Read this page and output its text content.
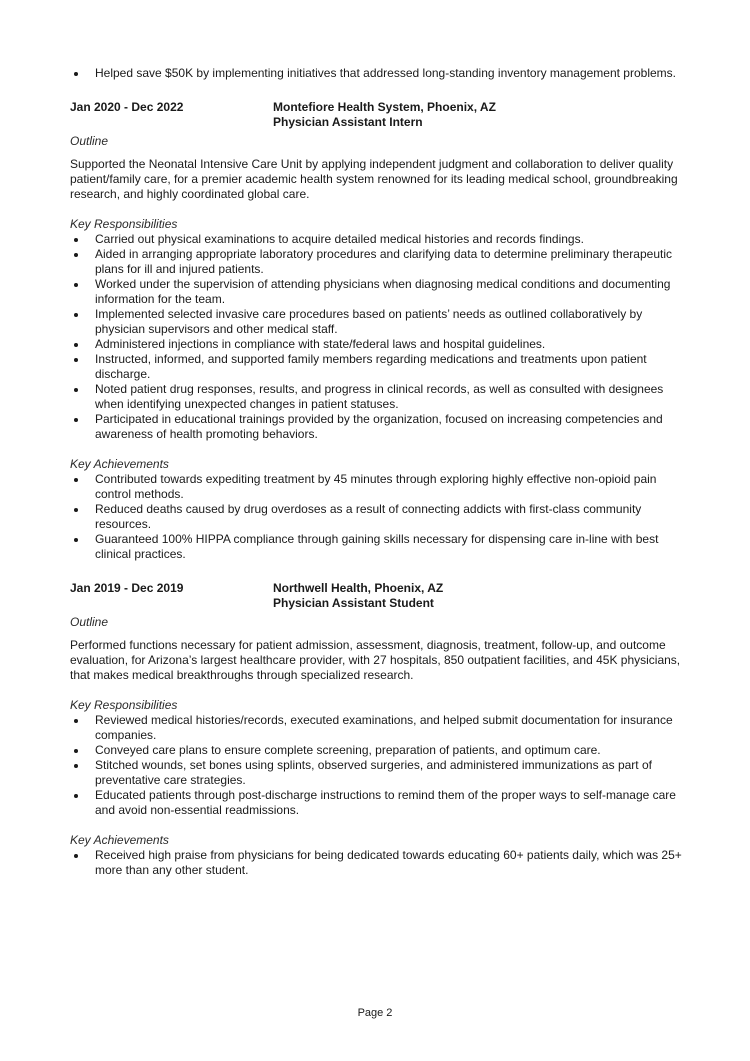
Helped save $50K by implementing initiatives that addressed long-standing inventory management problems.
Jan 2020 - Dec 2022	Montefiore Health System, Phoenix, AZ
Physician Assistant Intern
Outline
Supported the Neonatal Intensive Care Unit by applying independent judgment and collaboration to deliver quality patient/family care, for a premier academic health system renowned for its leading medical school, groundbreaking research, and highly coordinated global care.
Key Responsibilities
Carried out physical examinations to acquire detailed medical histories and records findings.
Aided in arranging appropriate laboratory procedures and clarifying data to determine preliminary therapeutic plans for ill and injured patients.
Worked under the supervision of attending physicians when diagnosing medical conditions and documenting information for the team.
Implemented selected invasive care procedures based on patients’ needs as outlined collaboratively by physician supervisors and other medical staff.
Administered injections in compliance with state/federal laws and hospital guidelines.
Instructed, informed, and supported family members regarding medications and treatments upon patient discharge.
Noted patient drug responses, results, and progress in clinical records, as well as consulted with designees when identifying unexpected changes in patient statuses.
Participated in educational trainings provided by the organization, focused on increasing competencies and awareness of health promoting behaviors.
Key Achievements
Contributed towards expediting treatment by 45 minutes through exploring highly effective non-opioid pain control methods.
Reduced deaths caused by drug overdoses as a result of connecting addicts with first-class community resources.
Guaranteed 100% HIPPA compliance through gaining skills necessary for dispensing care in-line with best clinical practices.
Jan 2019 - Dec 2019	Northwell Health, Phoenix, AZ
Physician Assistant Student
Outline
Performed functions necessary for patient admission, assessment, diagnosis, treatment, follow-up, and outcome evaluation, for Arizona’s largest healthcare provider, with 27 hospitals, 850 outpatient facilities, and 45K physicians, that makes medical breakthroughs through specialized research.
Key Responsibilities
Reviewed medical histories/records, executed examinations, and helped submit documentation for insurance companies.
Conveyed care plans to ensure complete screening, preparation of patients, and optimum care.
Stitched wounds, set bones using splints, observed surgeries, and administered immunizations as part of preventative care strategies.
Educated patients through post-discharge instructions to remind them of the proper ways to self-manage care and avoid non-essential readmissions.
Key Achievements
Received high praise from physicians for being dedicated towards educating 60+ patients daily, which was 25+ more than any other student.
Page 2
